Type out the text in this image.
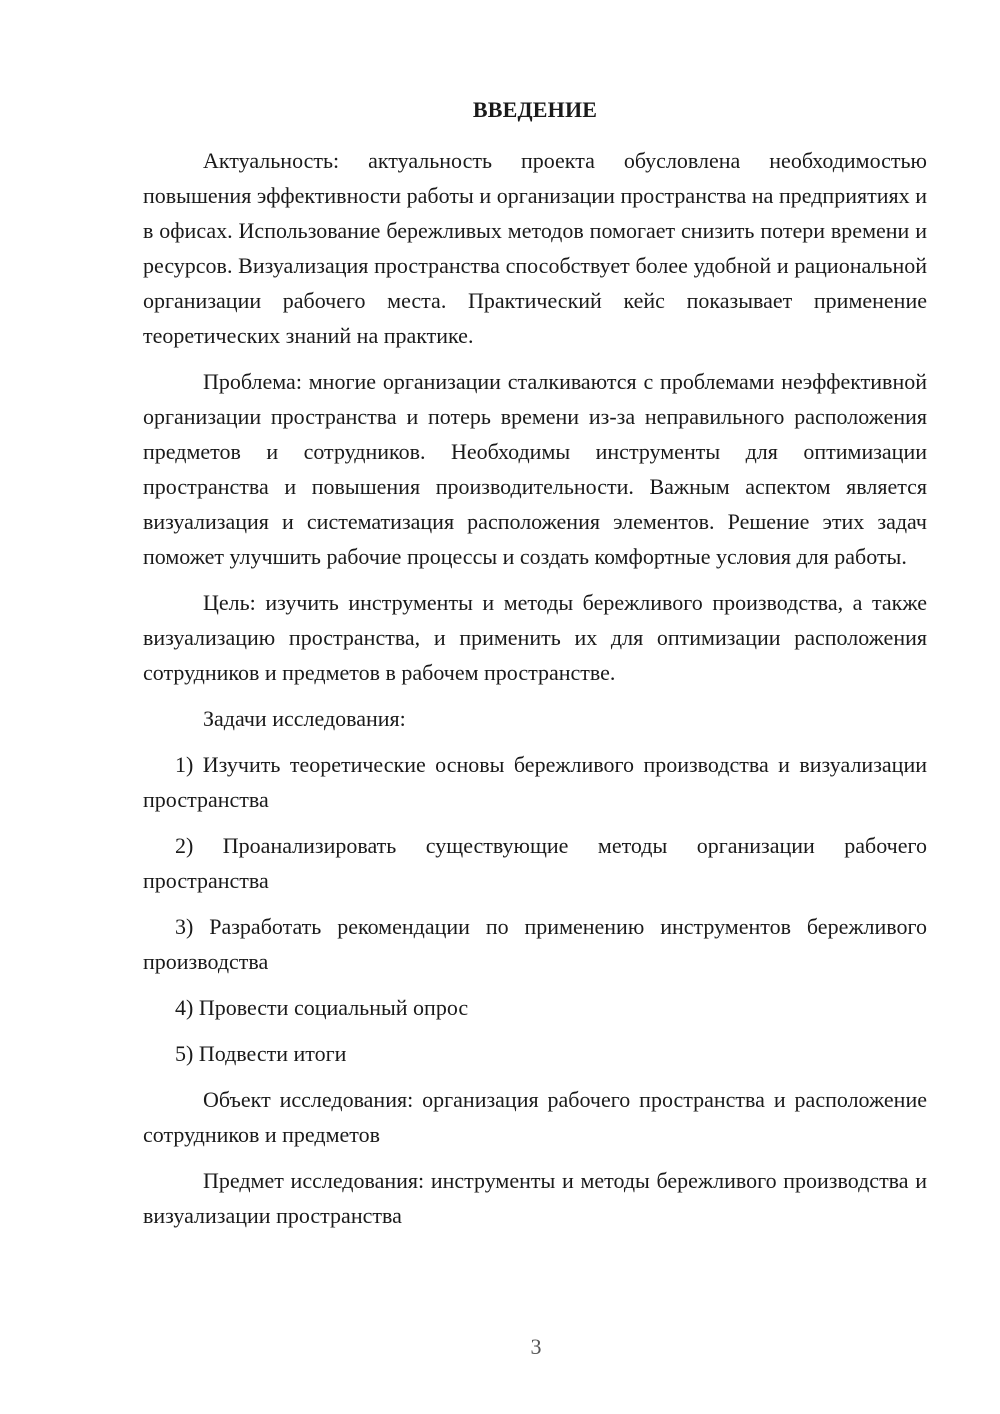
ВВЕДЕНИЕ

Актуальность: актуальность проекта обусловлена необходимостью повышения эффективности работы и организации пространства на предприятиях и в офисах. Использование бережливых методов помогает снизить потери времени и ресурсов. Визуализация пространства способствует более удобной и рациональной организации рабочего места. Практический кейс показывает применение теоретических знаний на практике.

Проблема: многие организации сталкиваются с проблемами неэффективной организации пространства и потерь времени из-за неправильного расположения предметов и сотрудников. Необходимы инструменты для оптимизации пространства и повышения производительности. Важным аспектом является визуализация и систематизация расположения элементов. Решение этих задач поможет улучшить рабочие процессы и создать комфортные условия для работы.

Цель: изучить инструменты и методы бережливого производства, а также визуализацию пространства, и применить их для оптимизации расположения сотрудников и предметов в рабочем пространстве.

Задачи исследования:

1) Изучить теоретические основы бережливого производства и визуализации пространства

2) Проанализировать существующие методы организации рабочего пространства

3) Разработать рекомендации по применению инструментов бережливого производства

4) Провести социальный опрос

5) Подвести итоги

Объект исследования: организация рабочего пространства и расположение сотрудников и предметов

Предмет исследования: инструменты и методы бережливого производства и визуализации пространства

3
